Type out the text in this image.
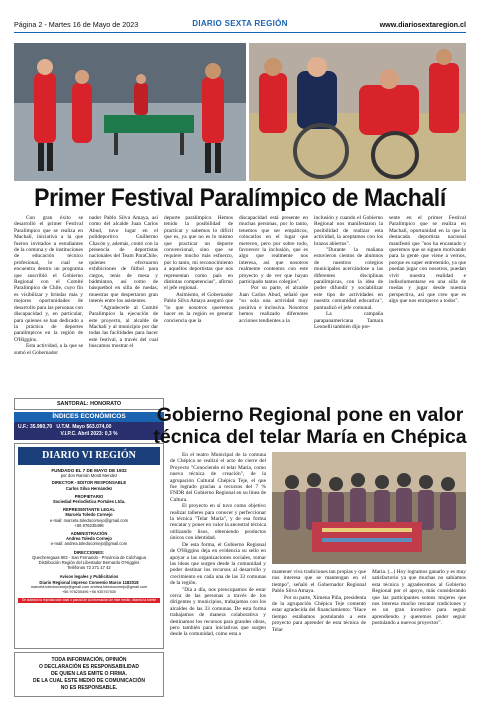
Página 2 - Martes 16 de Mayo de 2023	DIARIO SEXTA REGIÓN	www.diariosextaregion.cl
Primer Festival Paralímpico de Machalí

Con gran éxito se desarrolló el primer Festival Paralímpico que se realiza en Machalí, iniciativa a la que fueron invitados a estudiantes de la comuna y de instituciones de educación técnico profesional, lo cual se encuentra dentro un programa que suscribió el Gobierno Regional con el Comité Paralímpico de Chile, cuyo fin es visibilizar y brindar más y mejores oportunidades de desarrollo para las personas con discapacidad y, en particular, para quienes se han dedicado a la práctica de deportes paralímpicos en la región de O'Higgins.

Esta actividad, a la que se sumó el Gobernador

nador Pablo Silva Amaya, así como del alcalde Juan Carlos Abud, tuvo lugar en el polideportivo Guillermo Chacón y, además, contó con la presencia de deportistas nacionales del Team ParaChile, quienes efectuaron exhibiciones de fútbol para ciegos, tenis de mesa y bádminton, así como de básquetbol en silla de ruedas, muestras que despertaron gran interés entre los asistentes.

"Agradecerle al Comité Paralímpico la ejecución de este proyecto, al alcalde de Machalí y al municipio por dar todas las facilidades para hacer este festival, a través del cual buscamos mostrar el

deporte paralímpico. Hemos tenido la posibilidad de practicar y sabemos lo difícil que es, ya que no es lo mismo que practicar un deporte convencional, sino que se requiere mucho más esfuerzo, por lo tanto, mi reconocimiento a aquellos deportistas que nos representan como país en distintas competencias", afirmó el jefe regional.

Asimismo, el Gobernador Pablo Silva Amaya aseguró que "lo que nosotros queremos hacer en la región es generar conciencia que la

discapacidad está presente en muchas personas, por lo tanto, tenemos que ser empáticos, colocarlos en el lugar que merecen, pero por sobre todo, favorecer la inclusión, que es algo que realmente nos interesa, así que nosotros realmente contentos con este proyecto y de ver que hayan participado tantos colegios".

Por su parte, el alcalde Juan Carlos Abud, señaló que "su sola una actividad muy positiva e inclusiva. Nosotros hemos realizado diferentes acciones tendientes a la

inclusión y cuando el Gobierno Regional nos manifestaron la posibilidad de realizar esta actividad, la aceptamos con los brazos abiertos".

"Durante la mañana estuvieron cientos de alumnos de nuestros colegios municipales acercándose a las diferentes disciplinas paralímpicas, con la idea de poder difundir y sociabilizar este tipo de actividades en nuestra comunidad educativa", puntualizó el jefe comunal.

La campaña parapanamericana Tamara Leonelli también dijo pre-

sente en el primer Festival Paralímpico que se realiza en Machalí, oportunidad en la que la destacada deportista nacional manifestó que "nos ha encantado y queremos que se siguen motivando para la gente que viene a vernos, porque es super entretenido, ya que puedan jugar con nosotros, puedan vivir nuestra realidad e indisolumentarse en una silla de ruedas y jugar desde nuestra perspectiva, así que creo que es algo que nos enriquece a todos".

SANTORAL: HONORATO
ÍNDICES ECONÓMICOS
U.F.: 35.980,70 U.T.M. Mayo $63.074,00

V.I.P.C. Abril 2023: 0,3 %
DIARIO VI REGIÓN
FUNDADO EL 7 DE MAYO DE 1932
por don Ramón Montt Mendez
DIRECTOR - EDITOR RESPONSABLE
Carlos Silva Hernández
PROPIETARIO
Sociedad Periodística Portales Ltda.
REPRESENTANTE LEGAL
Marcela Toledo Cornejo
e-mail: marcela.toledocornejo@gmail.com
+56 976235496
ADMINISTRACIÓN
Andrea Toledo Cornejo
e-mail: andrea.toledocornejo@gmail.com
DIRECCIONES:
Quechereguas 902 - San Fernando - Provincia de Colchagua
Distribución Región del Libertador Bernardo O'Higgins
Teléfonos 72 271 17 42
Avisos legales y Publicitarios
Diario Regional impreso Convenio Marco 1182018
marcela.toledocornejo@gmail.com andrea.toledocornejo@gmail.com
+56 976235496 +56 935767530
Se autoriza la reproducción total o parcial de la información de este medio, citando la fuente
TODA INFORMACIÓN, OPINIÓN
O DECLARACIÓN ES RESPONSABILIDAD
DE QUIEN LAS EMITE O FIRMA.
DE LA CUAL ESTE MEDIO DE COMUNICACIÓN
NO ES RESPONSABLE.
Gobierno Regional pone en valor
técnica del telar María en Chépica

En el teatro Municipal de la comuna de Chépica se realizó el acto de cierre del Proyecto "Conociendo el telar María, como nueva técnica de creación", de la agrupación Cultural Chépica Teje, el que fue logrado gracias a recursos del 7 % FNDR del Gobierno Regional en su línea de Cultura.

El proyecto en sí tuvo como objetivo realizar talleres para conocer y perfeccionar la técnica "Telar María", y de esa forma rescatar y poner en valor la ancestral técnica utilizando lisos, obteniendo productos únicos con identidad.

De esta forma, el Gobierno Regional de O'Higgins deja en evidencia su sello en apoyar a las organizaciones sociales, tomar las ideas que surgen desde la comunidad y poder destinar los recursos al desarrollo y crecimiento en cada una de las 33 comunas de la región.

"Día a día, nos preocupamos de estar cerca de las personas a través de los dirigentes y municipios, trabajamos con los alcaldes de las 33 comunas. De esta forma trabajamos de manera colaborativa y destinamos los recursos para grandes obras, pero también para iniciativas que surgen desde la comunidad, como esta a

mantener viva tradiciones tan propias y que nos interesa que se mantengan en el tiempo", señaló el Gobernador Regional Pablo Silva Amaya.

Por su parte, Ximena Piña, presidenta de la agrupación Chépica Teje comentó estar agradecida del financiamiento: "Hace tiempo estábamos postulando a este proyecto para aprender de esta técnica de Telar

María. (...) Hoy logramos ganarlo y es muy satisfactorio ya que muchas no sabíamos esta técnica y agradecemos al Gobierno Regional por el apoyo, más considerando que las participantes somos mujeres que nos interesa mucho rescatar tradiciones y es un gran incentivo para seguir aprendiendo y queremos poder seguir postulando a nuevos proyectos".
